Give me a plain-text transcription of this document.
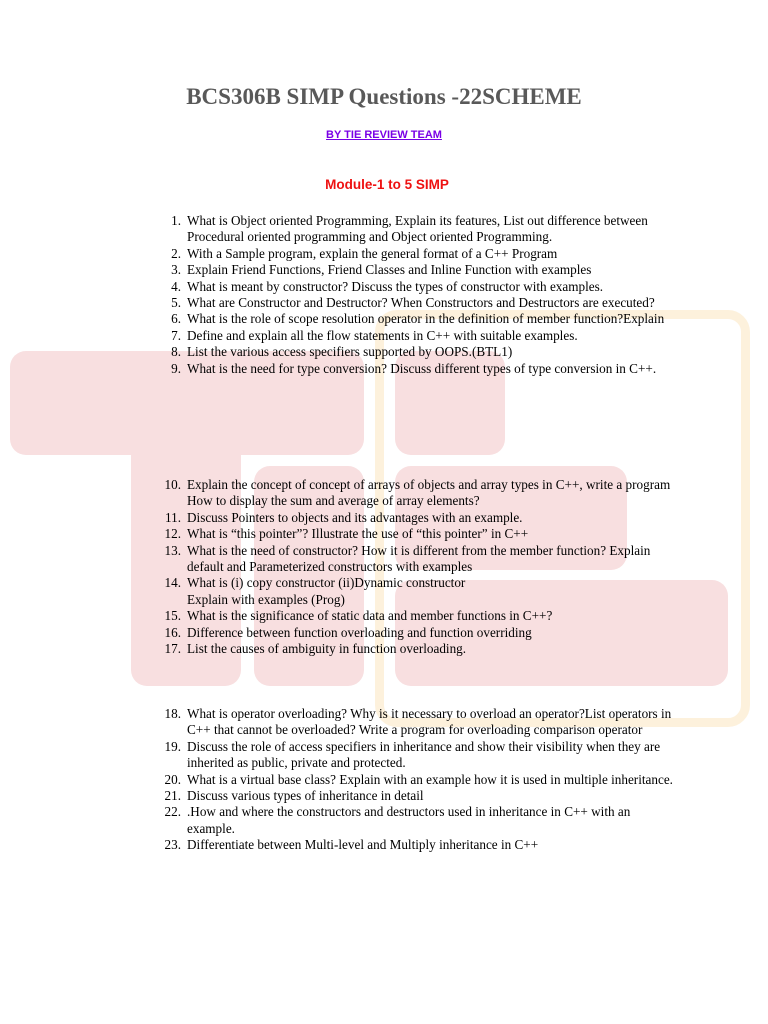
BCS306B SIMP Questions -22SCHEME
BY TIE REVIEW TEAM
Module-1 to 5 SIMP
1. What is Object oriented Programming, Explain its features, List out difference between Procedural oriented programming and Object oriented Programming.
2. With a Sample program, explain the general format of a C++ Program
3. Explain Friend Functions, Friend Classes and Inline Function with examples
4. What is meant by constructor? Discuss the types of constructor with examples.
5. What are Constructor and Destructor? When Constructors and Destructors are executed?
6. What is the role of scope resolution operator in the definition of member function?Explain
7. Define and explain all the flow statements in C++ with suitable examples.
8. List the various access specifiers supported by OOPS.(BTL1)
9. What is the need for type conversion? Discuss different types of type conversion in C++.
10. Explain the concept of concept of arrays of objects and array types in C++, write a program How to display the sum and average of array elements?
11. Discuss Pointers to objects and its advantages with an example.
12. What is “this pointer”? Illustrate the use of “this pointer” in C++
13. What is the need of constructor? How it is different from the member function? Explain default and Parameterized constructors with examples
14. What is (i) copy constructor (ii)Dynamic constructor
Explain with examples (Prog)
15. What is the significance of static data and member functions in C++?
16. Difference between function overloading and function overriding
17. List the causes of ambiguity in function overloading.
18. What is operator overloading? Why is it necessary to overload an operator?List operators in C++ that cannot be overloaded? Write a program for overloading comparison operator
19. Discuss the role of access specifiers in inheritance and show their visibility when they are inherited as public, private and protected.
20. What is a virtual base class? Explain with an example how it is used in multiple inheritance.
21. Discuss various types of inheritance in detail
22. .How and where the constructors and destructors used in inheritance in C++ with an example.
23. Differentiate between Multi-level and Multiply inheritance in C++
